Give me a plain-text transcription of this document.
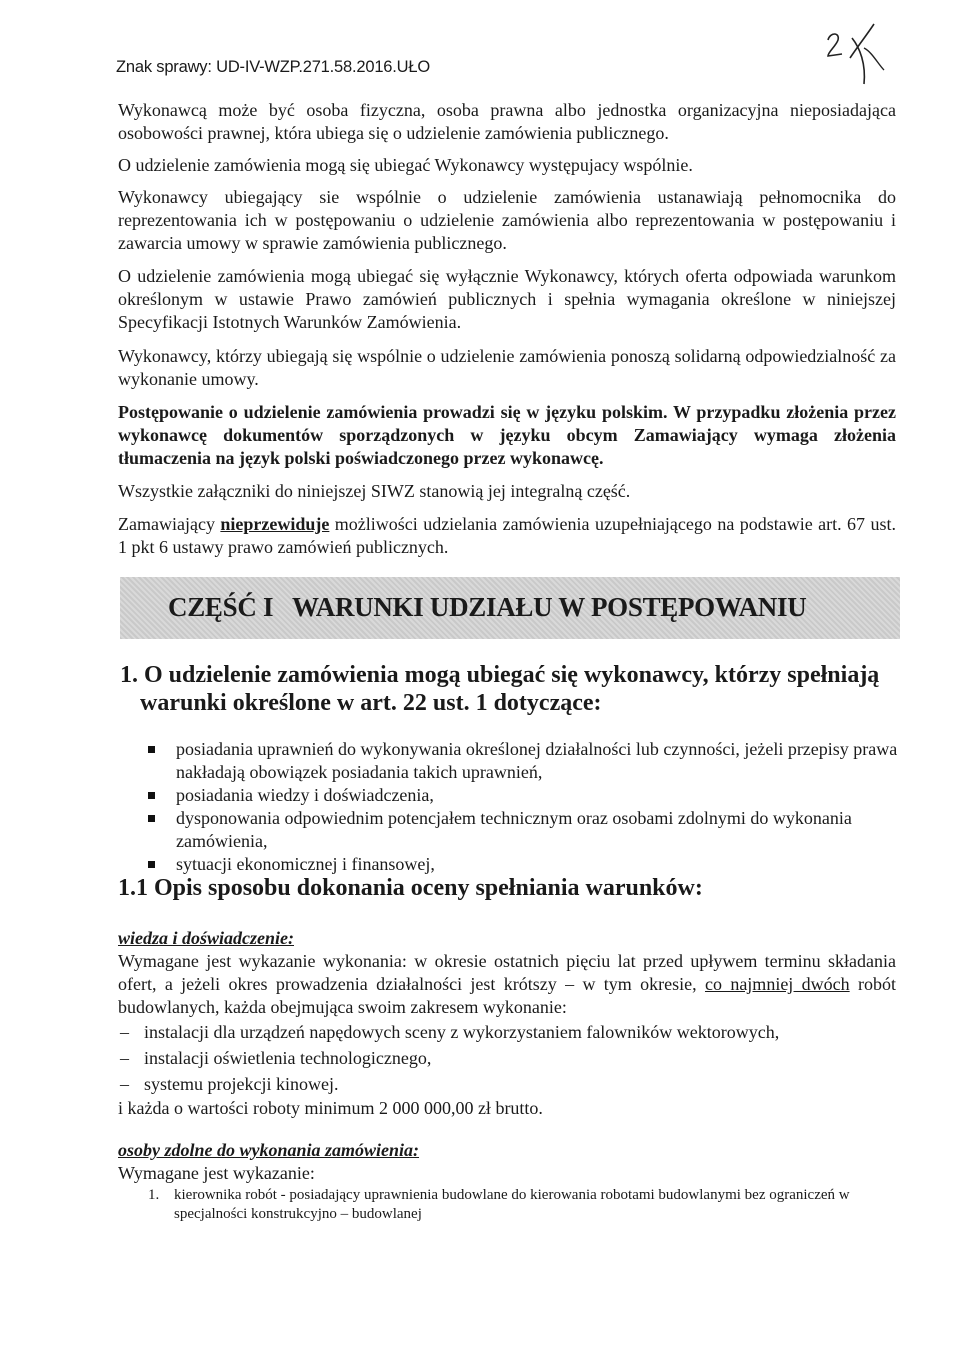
Znak sprawy: UD-IV-WZP.271.58.2016.UŁO
Wykonawcą może być osoba fizyczna, osoba prawna albo jednostka organizacyjna nieposiadająca osobowości prawnej, która ubiega się o udzielenie zamówienia publicznego.
O udzielenie zamówienia mogą się ubiegać Wykonawcy występujacy wspólnie.
Wykonawcy ubiegający sie wspólnie o udzielenie zamówienia ustanawiają pełnomocnika do reprezentowania ich w postępowaniu o udzielenie zamówienia albo reprezentowania w postępowaniu i zawarcia umowy w sprawie zamówienia publicznego.
O udzielenie zamówienia mogą ubiegać się wyłącznie Wykonawcy, których oferta odpowiada warunkom określonym w ustawie Prawo zamówień publicznych i spełnia wymagania określone w niniejszej Specyfikacji Istotnych Warunków Zamówienia.
Wykonawcy, którzy ubiegają się wspólnie o udzielenie zamówienia ponoszą solidarną odpowiedzialność za wykonanie umowy.
Postępowanie o udzielenie zamówienia prowadzi się w języku polskim. W przypadku złożenia przez wykonawcę dokumentów sporządzonych w języku obcym Zamawiający wymaga złożenia tłumaczenia na język polski poświadczonego przez wykonawcę.
Wszystkie załączniki do niniejszej SIWZ stanowią jej integralną część.
Zamawiający nieprzewiduje możliwości udzielania zamówienia uzupełniającego na podstawie art. 67 ust. 1 pkt 6 ustawy prawo zamówień publicznych.
CZĘŚĆ I   WARUNKI UDZIAŁU W POSTĘPOWANIU
1. O udzielenie zamówienia mogą ubiegać się wykonawcy, którzy spełniają
warunki określone w art. 22 ust. 1 dotyczące:
posiadania uprawnień do wykonywania określonej działalności lub czynności, jeżeli przepisy prawa nakładają obowiązek posiadania takich uprawnień,
posiadania wiedzy i doświadczenia,
dysponowania odpowiednim potencjałem technicznym oraz osobami zdolnymi do wykonania zamówienia,
sytuacji ekonomicznej i finansowej,
1.1 Opis sposobu dokonania oceny spełniania warunków:
wiedza i doświadczenie:
Wymagane jest wykazanie wykonania: w okresie ostatnich pięciu lat przed upływem terminu składania ofert, a jeżeli okres prowadzenia działalności jest krótszy – w tym okresie, co najmniej dwóch robót budowlanych, każda obejmująca swoim zakresem wykonanie:
– instalacji dla urządzeń napędowych sceny z wykorzystaniem falowników wektorowych,
– instalacji oświetlenia technologicznego,
– systemu projekcji kinowej.
i każda o wartości roboty minimum 2 000 000,00 zł brutto.
osoby zdolne do wykonania zamówienia:
Wymagane jest wykazanie:
1. kierownika robót - posiadający uprawnienia budowlane do kierowania robotami budowlanymi bez ograniczeń w specjalności konstrukcyjno – budowlanej
